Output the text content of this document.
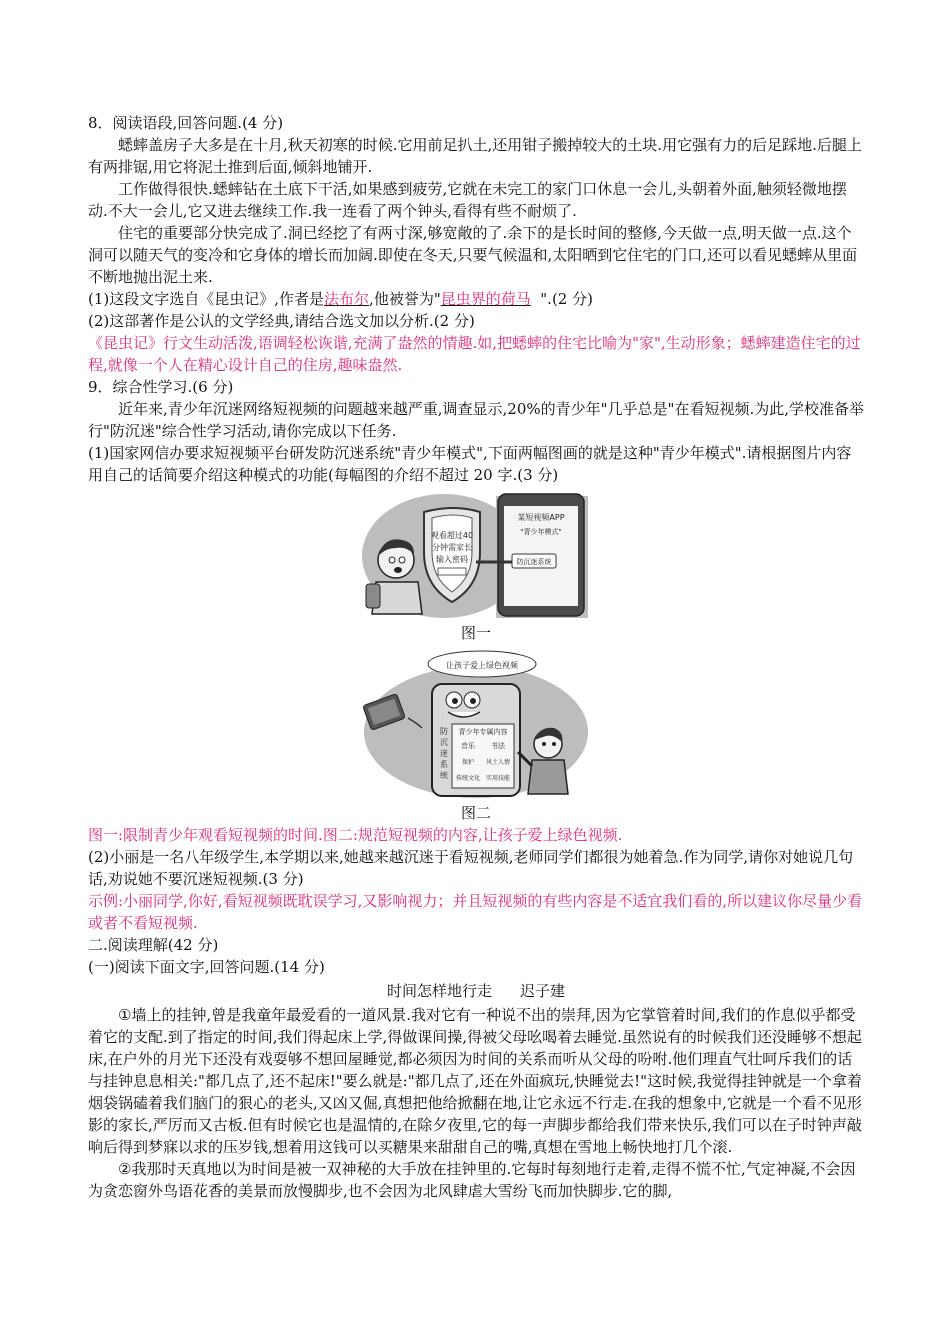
8．阅读语段,回答问题.(4 分)

蟋蟀盖房子大多是在十月,秋天初寒的时候.它用前足扒土,还用钳子搬掉较大的土块.用它强有力的后足踩地.后腿上有两排锯,用它将泥土推到后面,倾斜地铺开.

工作做得很快.蟋蟀钻在土底下干活,如果感到疲劳,它就在未完工的家门口休息一会儿,头朝着外面,触须轻微地摆动.不大一会儿,它又进去继续工作.我一连看了两个钟头,看得有些不耐烦了.

住宅的重要部分快完成了.洞已经挖了有两寸深,够宽敞的了.余下的是长时间的整修,今天做一点,明天做一点.这个洞可以随天气的变冷和它身体的增长而加阔.即使在冬天,只要气候温和,太阳晒到它住宅的门口,还可以看见蟋蟀从里面不断地抛出泥土来.

(1)这段文字选自《昆虫记》,作者是法布尔,他被誉为"昆虫界的荷马  ".(2 分)

(2)这部著作是公认的文学经典,请结合选文加以分析.(2 分)

《昆虫记》行文生动活泼,语调轻松诙谐,充满了盎然的情趣.如,把蟋蟀的住宅比喻为"家",生动形象；蟋蟀建造住宅的过程,就像一个人在精心设计自己的住房,趣味盎然.

9．综合性学习.(6 分)

近年来,青少年沉迷网络短视频的问题越来越严重,调查显示,20%的青少年"几乎总是"在看短视频.为此,学校准备举行"防沉迷"综合性学习活动,请你完成以下任务.

(1)国家网信办要求短视频平台研发防沉迷系统"青少年模式",下面两幅图画的就是这种"青少年模式".请根据图片内容用自己的话简要介绍这种模式的功能(每幅图的介绍不超过 20 字.(3 分)

观看超过40
分钟需家长
输入密码
某短视频APP
"青少年模式"
防沉迷系统
图一
让孩子爱上绿色视频
防 沉 迷 系 统
青少年专属内容
音乐 书法
保护 风土人情
传统文化 实用技能
图二

图一:限制青少年观看短视频的时间.图二:规范短视频的内容,让孩子爱上绿色视频.

(2)小丽是一名八年级学生,本学期以来,她越来越沉迷于看短视频,老师同学们都很为她着急.作为同学,请你对她说几句话,劝说她不要沉迷短视频.(3 分)

示例:小丽同学,你好,看短视频既耽误学习,又影响视力；并且短视频的有些内容是不适宜我们看的,所以建议你尽量少看或者不看短视频.

二.阅读理解(42 分)

(一)阅读下面文字,回答问题.(14 分)

时间怎样地行走 迟子建

①墙上的挂钟,曾是我童年最爱看的一道风景.我对它有一种说不出的崇拜,因为它掌管着时间,我们的作息似乎都受着它的支配.到了指定的时间,我们得起床上学,得做课间操,得被父母吆喝着去睡觉.虽然说有的时候我们还没睡够不想起床,在户外的月光下还没有戏耍够不想回屋睡觉,都必须因为时间的关系而听从父母的吩咐.他们理直气壮呵斥我们的话与挂钟息息相关:"都几点了,还不起床!"要么就是:"都几点了,还在外面疯玩,快睡觉去!"这时候,我觉得挂钟就是一个拿着烟袋锅磕着我们脑门的狠心的老头,又凶又倔,真想把他给掀翻在地,让它永远不行走.在我的想象中,它就是一个看不见形影的家长,严厉而又古板.但有时候它也是温情的,在除夕夜里,它的每一声脚步都给我们带来快乐,我们可以在子时钟声敲响后得到梦寐以求的压岁钱,想着用这钱可以买糖果来甜甜自己的嘴,真想在雪地上畅快地打几个滚.

②我那时天真地以为时间是被一双神秘的大手放在挂钟里的.它每时每刻地行走着,走得不慌不忙,气定神凝,不会因为贪恋窗外鸟语花香的美景而放慢脚步,也不会因为北风肆虐大雪纷飞而加快脚步.它的脚,
